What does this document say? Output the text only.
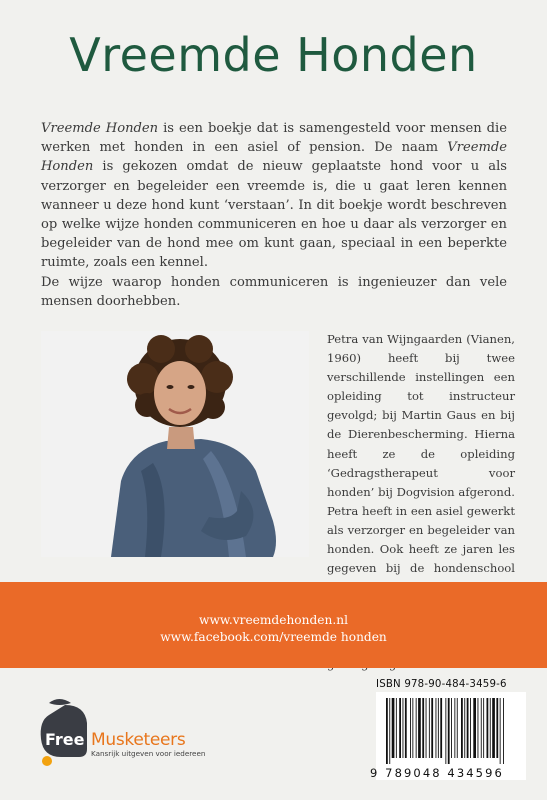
Vreemde Honden

Vreemde Honden is een boekje dat is samengesteld voor mensen die werken met honden in een asiel of pension. De naam Vreemde Honden is gekozen omdat de nieuw geplaatste hond voor u als verzorger en begeleider een vreemde is, die u gaat leren kennen wanneer u deze hond kunt ‘verstaan’. In dit boekje wordt beschreven op welke wijze honden communiceren en hoe u daar als verzorger en begeleider van de hond mee om kunt gaan, speciaal in een beperkte ruimte, zoals een kennel.

De wijze waarop honden communiceren is ingenieuzer dan vele mensen doorhebben.

Petra van Wijngaarden (Vianen, 1960) heeft bij twee verschillende instellingen een opleiding tot instructeur gevolgd; bij Martin Gaus en bij de Dierenbescherming. Hierna heeft ze de opleiding ‘Gedragstherapeut voor honden’ bij Dogvision afgerond. Petra heeft in een asiel gewerkt als verzorger en begeleider van honden. Ook heeft ze jaren les gegeven bij de hondenschool

www.vreemdehonden.nl
www.facebook.com/vreemde honden
Free Musketeers
Kansrijk uitgeven voor iedereen
ISBN 978-90-484-3459-6
9 789048 434596
